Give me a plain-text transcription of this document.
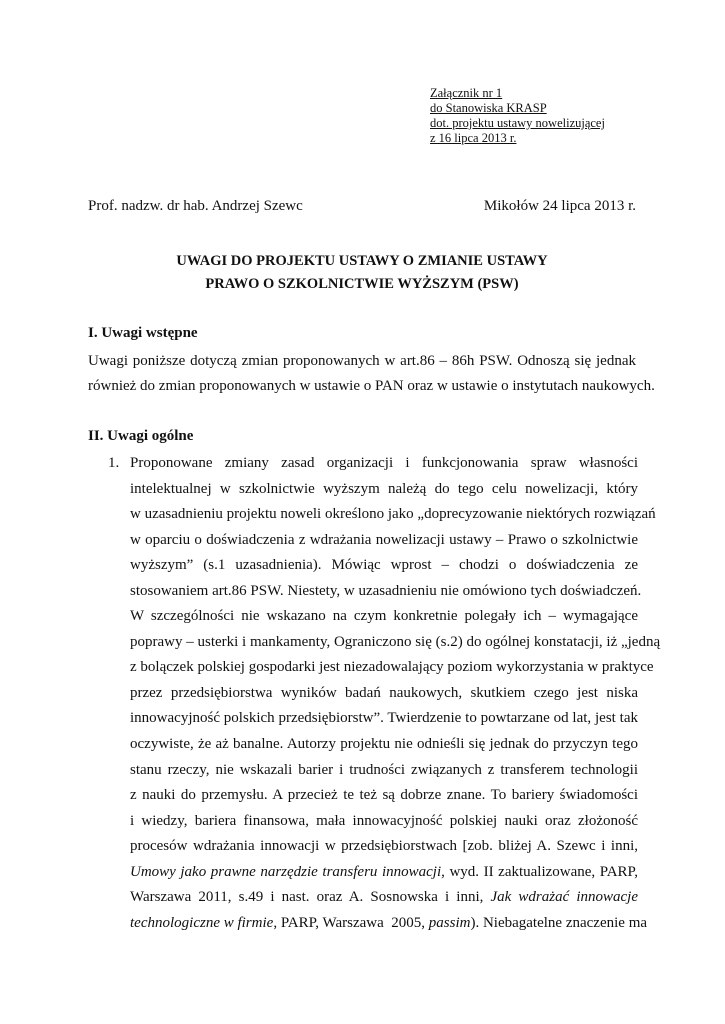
Załącznik nr 1
do Stanowiska KRASP
dot. projektu ustawy nowelizującej
z 16 lipca 2013 r.
Prof. nadzw. dr hab. Andrzej Szewc	Mikołów 24 lipca 2013 r.
UWAGI DO PROJEKTU USTAWY O ZMIANIE USTAWY
PRAWO O SZKOLNICTWIE WYŻSZYM (PSW)
I. Uwagi wstępne
Uwagi poniższe dotyczą zmian proponowanych w art.86 – 86h PSW. Odnoszą się jednak
również do zmian proponowanych w ustawie o PAN oraz w ustawie o instytutach naukowych.
II. Uwagi ogólne
1. Proponowane zmiany zasad organizacji i funkcjonowania spraw własności
intelektualnej w szkolnictwie wyższym należą do tego celu nowelizacji, który
w uzasadnieniu projektu noweli określono jako „doprecyzowanie niektórych rozwiązań
w oparciu o doświadczenia z wdrażania nowelizacji ustawy – Prawo o szkolnictwie
wyższym” (s.1 uzasadnienia). Mówiąc wprost – chodzi o doświadczenia ze
stosowaniem art.86 PSW. Niestety, w uzasadnieniu nie omówiono tych doświadczeń.
W szczególności nie wskazano na czym konkretnie polegały ich – wymagające
poprawy – usterki i mankamenty, Ograniczono się (s.2) do ogólnej konstatacji, iż „jedną
z bolączek polskiej gospodarki jest niezadowalający poziom wykorzystania w praktyce
przez przedsiębiorstwa wyników badań naukowych, skutkiem czego jest niska
innowacyjność polskich przedsiębiorstw”. Twierdzenie to powtarzane od lat, jest tak
oczywiste, że aż banalne. Autorzy projektu nie odnieśli się jednak do przyczyn tego
stanu rzeczy, nie wskazali barier i trudności związanych z transferem technologii
z nauki do przemysłu. A przecież te też są dobrze znane. To bariery świadomości
i wiedzy, bariera finansowa, mała innowacyjność polskiej nauki oraz złożoność
procesów wdrażania innowacji w przedsiębiorstwach [zob. bliżej A. Szewc i inni,
Umowy jako prawne narzędzie transferu innowacji, wyd. II zaktualizowane, PARP,
Warszawa 2011, s.49 i nast. oraz A. Sosnowska i inni, Jak wdrażać innowacje
technologiczne w firmie, PARP, Warszawa  2005, passim). Niebagatelne znaczenie ma
